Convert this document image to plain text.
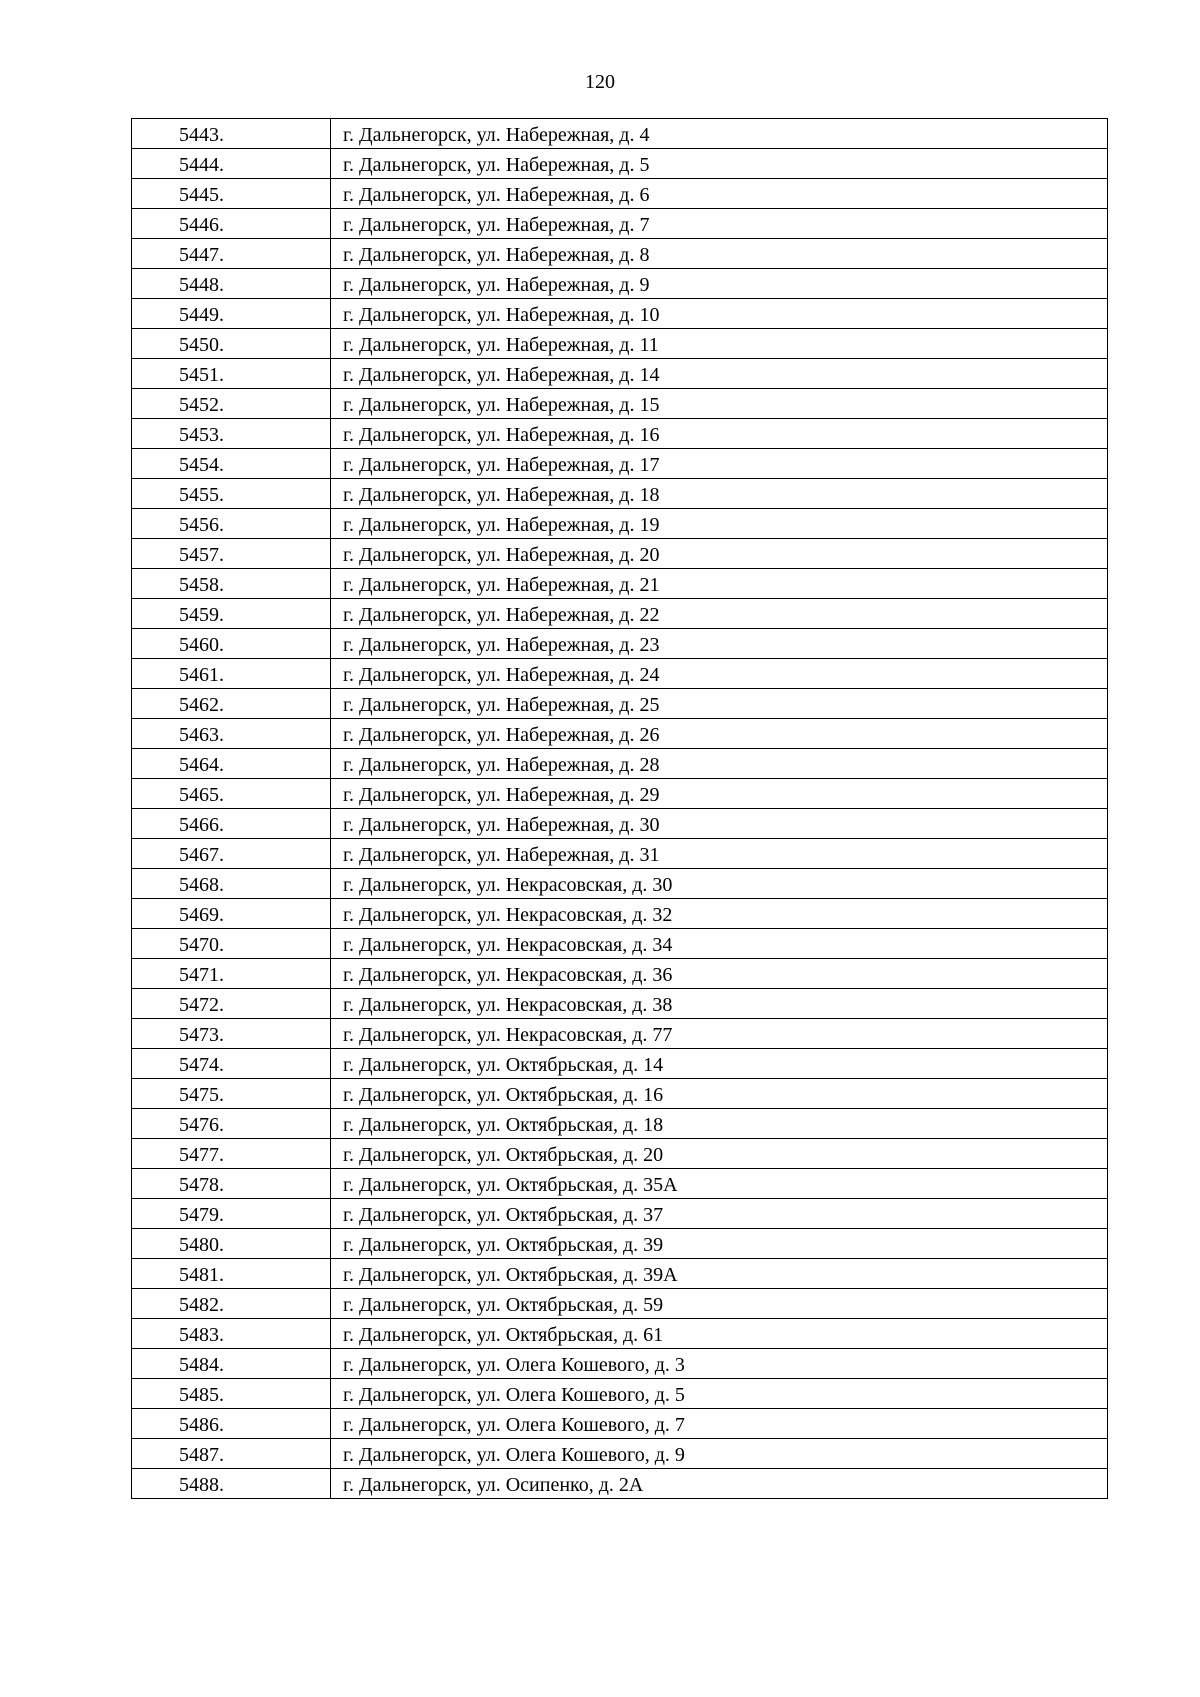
120
5443.	г. Дальнегорск, ул. Набережная, д. 4
5444.	г. Дальнегорск, ул. Набережная, д. 5
5445.	г. Дальнегорск, ул. Набережная, д. 6
5446.	г. Дальнегорск, ул. Набережная, д. 7
5447.	г. Дальнегорск, ул. Набережная, д. 8
5448.	г. Дальнегорск, ул. Набережная, д. 9
5449.	г. Дальнегорск, ул. Набережная, д. 10
5450.	г. Дальнегорск, ул. Набережная, д. 11
5451.	г. Дальнегорск, ул. Набережная, д. 14
5452.	г. Дальнегорск, ул. Набережная, д. 15
5453.	г. Дальнегорск, ул. Набережная, д. 16
5454.	г. Дальнегорск, ул. Набережная, д. 17
5455.	г. Дальнегорск, ул. Набережная, д. 18
5456.	г. Дальнегорск, ул. Набережная, д. 19
5457.	г. Дальнегорск, ул. Набережная, д. 20
5458.	г. Дальнегорск, ул. Набережная, д. 21
5459.	г. Дальнегорск, ул. Набережная, д. 22
5460.	г. Дальнегорск, ул. Набережная, д. 23
5461.	г. Дальнегорск, ул. Набережная, д. 24
5462.	г. Дальнегорск, ул. Набережная, д. 25
5463.	г. Дальнегорск, ул. Набережная, д. 26
5464.	г. Дальнегорск, ул. Набережная, д. 28
5465.	г. Дальнегорск, ул. Набережная, д. 29
5466.	г. Дальнегорск, ул. Набережная, д. 30
5467.	г. Дальнегорск, ул. Набережная, д. 31
5468.	г. Дальнегорск, ул. Некрасовская, д. 30
5469.	г. Дальнегорск, ул. Некрасовская, д. 32
5470.	г. Дальнегорск, ул. Некрасовская, д. 34
5471.	г. Дальнегорск, ул. Некрасовская, д. 36
5472.	г. Дальнегорск, ул. Некрасовская, д. 38
5473.	г. Дальнегорск, ул. Некрасовская, д. 77
5474.	г. Дальнегорск, ул. Октябрьская, д. 14
5475.	г. Дальнегорск, ул. Октябрьская, д. 16
5476.	г. Дальнегорск, ул. Октябрьская, д. 18
5477.	г. Дальнегорск, ул. Октябрьская, д. 20
5478.	г. Дальнегорск, ул. Октябрьская, д. 35А
5479.	г. Дальнегорск, ул. Октябрьская, д. 37
5480.	г. Дальнегорск, ул. Октябрьская, д. 39
5481.	г. Дальнегорск, ул. Октябрьская, д. 39А
5482.	г. Дальнегорск, ул. Октябрьская, д. 59
5483.	г. Дальнегорск, ул. Октябрьская, д. 61
5484.	г. Дальнегорск, ул. Олега Кошевого, д. 3
5485.	г. Дальнегорск, ул. Олега Кошевого, д. 5
5486.	г. Дальнегорск, ул. Олега Кошевого, д. 7
5487.	г. Дальнегорск, ул. Олега Кошевого, д. 9
5488.	г. Дальнегорск, ул. Осипенко, д. 2А
